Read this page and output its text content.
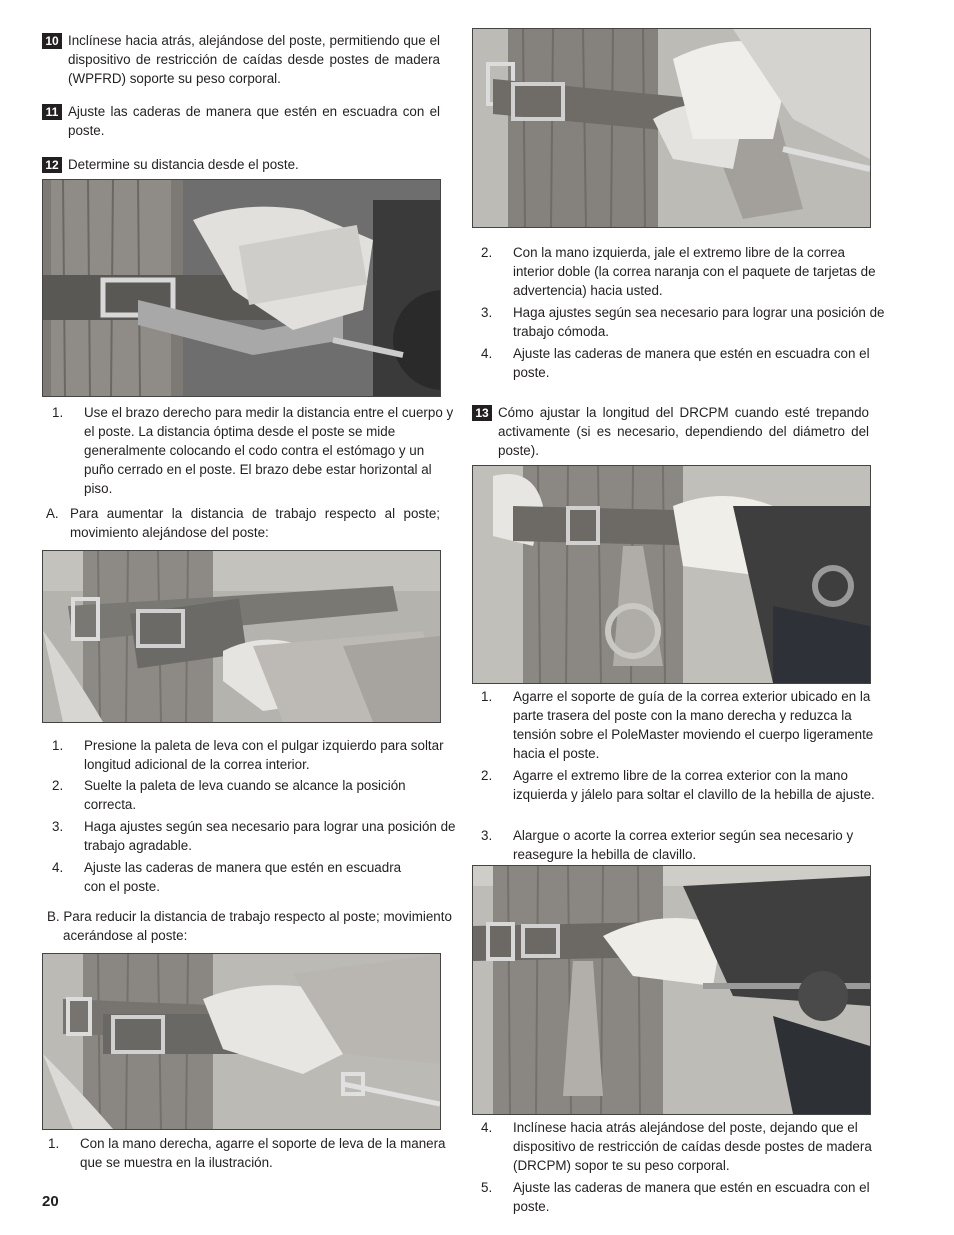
10 Inclínese hacia atrás, alejándose del poste, permitiendo que el dispositivo de restricción de caídas desde postes de madera (WPFRD) soporte su peso corporal.

11 Ajuste las caderas de manera que estén en escuadra con el poste.

12 Determine su distancia desde el poste.

1. Use el brazo derecho para medir la distancia entre el cuerpo y el poste. La distancia óptima desde el poste se mide generalmente colocando el codo contra el estómago y un puño cerrado en el poste. El brazo debe estar horizontal al piso.

A. Para aumentar la distancia de trabajo respecto al poste; movimiento alejándose del poste:

1. Presione la paleta de leva con el pulgar izquierdo para soltar longitud adicional de la correa interior.

2. Suelte la paleta de leva cuando se alcance la posición correcta.

3. Haga ajustes según sea necesario para lograr una posición de trabajo agradable.

4. Ajuste las caderas de manera que estén en escuadra con el poste.

B. Para reducir la distancia de trabajo respecto al poste; movimiento acerándose al poste:

1. Con la mano derecha, agarre el soporte de leva de la manera que se muestra en la ilustración.

20

2. Con la mano izquierda, jale el extremo libre de la correa interior doble (la correa naranja con el paquete de tarjetas de advertencia) hacia usted.

3. Haga ajustes según sea necesario para lograr una posición de trabajo cómoda.

4. Ajuste las caderas de manera que estén en escuadra con el poste.

13 Cómo ajustar la longitud del DRCPM cuando esté trepando activamente (si es necesario, dependiendo del diámetro del poste).

1. Agarre el soporte de guía de la correa exterior ubicado en la parte trasera del poste con la mano derecha y reduzca la tensión sobre el PoleMaster moviendo el cuerpo ligeramente hacia el poste.

2. Agarre el extremo libre de la correa exterior con la mano izquierda y jálelo para soltar el clavillo de la hebilla de ajuste.

3. Alargue o acorte la correa exterior según sea necesario y reasegure la hebilla de clavillo.

4. Inclínese hacia atrás alejándose del poste, dejando que el dispositivo de restricción de caídas desde postes de madera (DRCPM) sopor te su peso corporal.

5. Ajuste las caderas de manera que estén en escuadra con el poste.
